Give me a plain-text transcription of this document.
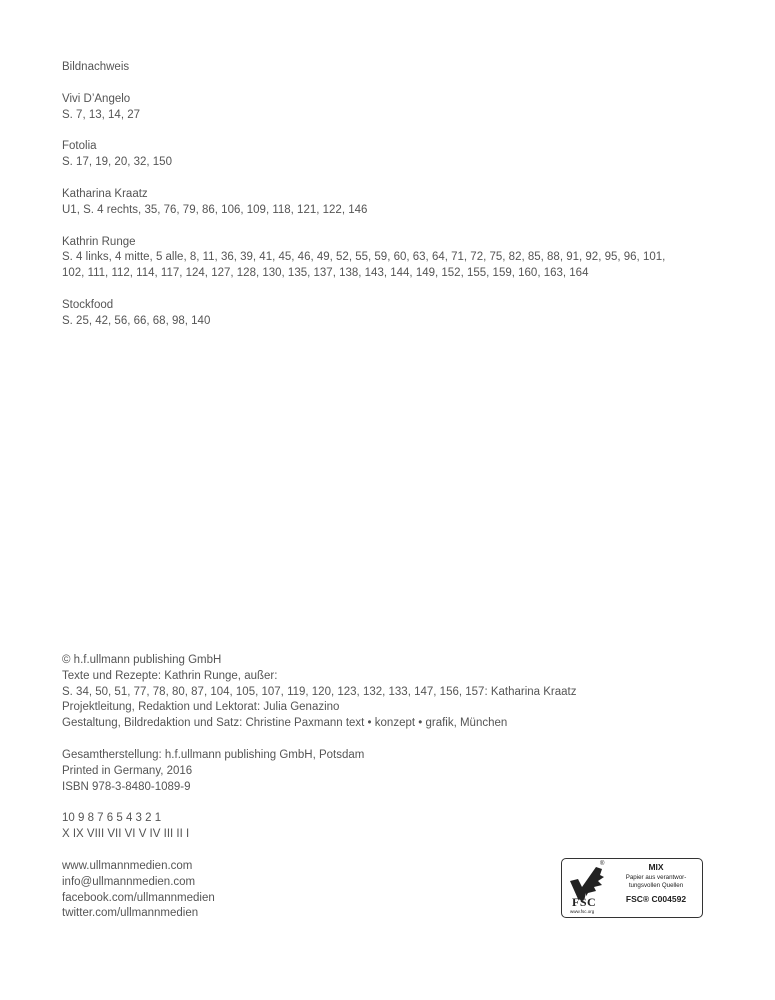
Bildnachweis
Vivi D’Angelo
S. 7, 13, 14, 27
Fotolia
S. 17, 19, 20, 32, 150
Katharina Kraatz
U1, S. 4 rechts, 35, 76, 79, 86, 106, 109, 118, 121, 122, 146
Kathrin Runge
S. 4 links, 4 mitte, 5 alle, 8, 11, 36, 39, 41, 45, 46, 49, 52, 55, 59, 60, 63, 64, 71, 72, 75, 82, 85, 88, 91, 92, 95, 96, 101,
102, 111, 112, 114, 117, 124, 127, 128, 130, 135, 137, 138, 143, 144, 149, 152, 155, 159, 160, 163, 164
Stockfood
S. 25, 42, 56, 66, 68, 98, 140
© h.f.ullmann publishing GmbH
Texte und Rezepte: Kathrin Runge, außer:
S. 34, 50, 51, 77, 78, 80, 87, 104, 105, 107, 119, 120, 123, 132, 133, 147, 156, 157: Katharina Kraatz
Projektleitung, Redaktion und Lektorat: Julia Genazino
Gestaltung, Bildredaktion und Satz: Christine Paxmann text • konzept • grafik, München
Gesamtherstellung: h.f.ullmann publishing GmbH, Potsdam
Printed in Germany, 2016
ISBN 978-3-8480-1089-9
10 9 8 7 6 5 4 3 2 1
X IX VIII VII VI V IV III II I
www.ullmannmedien.com
info@ullmannmedien.com
facebook.com/ullmannmedien
twitter.com/ullmannmedien
®
FSC
www.fsc.org
MIX
Papier aus verantwor-
tungsvollen Quellen
FSC® C004592
